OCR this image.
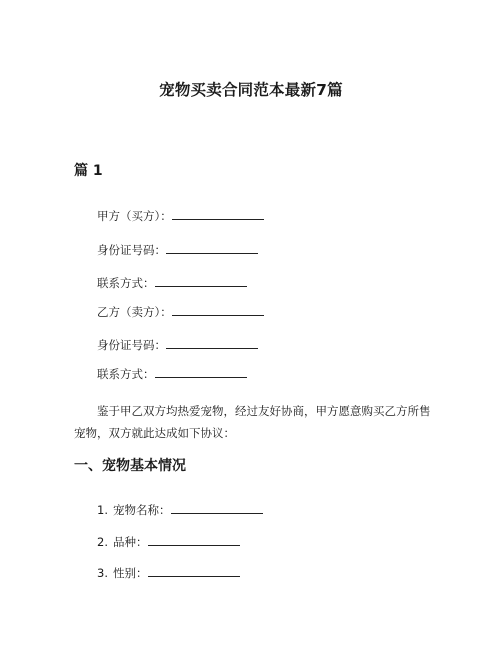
宠物买卖合同范本最新7篇
篇 1
甲方（买方）：
身份证号码：
联系方式：
乙方（卖方）：
身份证号码：
联系方式：
鉴于甲乙双方均热爱宠物，经过友好协商，甲方愿意购买乙方所售宠物，双方就此达成如下协议：
一、宠物基本情况
1. 宠物名称：
2. 品种：
3. 性别：
